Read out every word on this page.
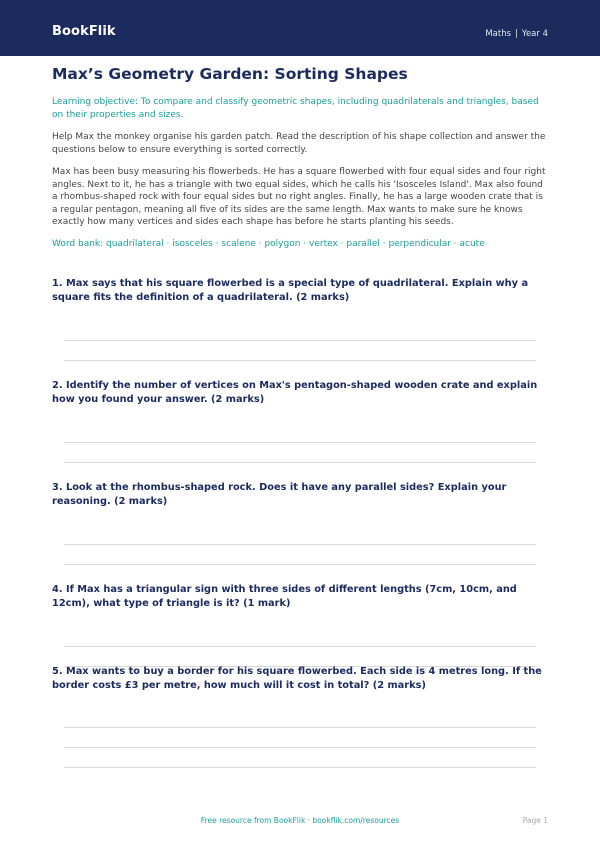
BookFlik	Maths | Year 4
Max’s Geometry Garden: Sorting Shapes
Learning objective: To compare and classify geometric shapes, including quadrilaterals and triangles, based on their properties and sizes.
Help Max the monkey organise his garden patch. Read the description of his shape collection and answer the questions below to ensure everything is sorted correctly.
Max has been busy measuring his flowerbeds. He has a square flowerbed with four equal sides and four right angles. Next to it, he has a triangle with two equal sides, which he calls his 'Isosceles Island'. Max also found a rhombus-shaped rock with four equal sides but no right angles. Finally, he has a large wooden crate that is a regular pentagon, meaning all five of its sides are the same length. Max wants to make sure he knows exactly how many vertices and sides each shape has before he starts planting his seeds.
Word bank: quadrilateral · isosceles · scalene · polygon · vertex · parallel · perpendicular · acute
1. Max says that his square flowerbed is a special type of quadrilateral. Explain why a square fits the definition of a quadrilateral. (2 marks)
2. Identify the number of vertices on Max's pentagon-shaped wooden crate and explain how you found your answer. (2 marks)
3. Look at the rhombus-shaped rock. Does it have any parallel sides? Explain your reasoning. (2 marks)
4. If Max has a triangular sign with three sides of different lengths (7cm, 10cm, and 12cm), what type of triangle is it? (1 mark)
5. Max wants to buy a border for his square flowerbed. Each side is 4 metres long. If the border costs £3 per metre, how much will it cost in total? (2 marks)
Free resource from BookFlik · bookflik.com/resources	Page 1
